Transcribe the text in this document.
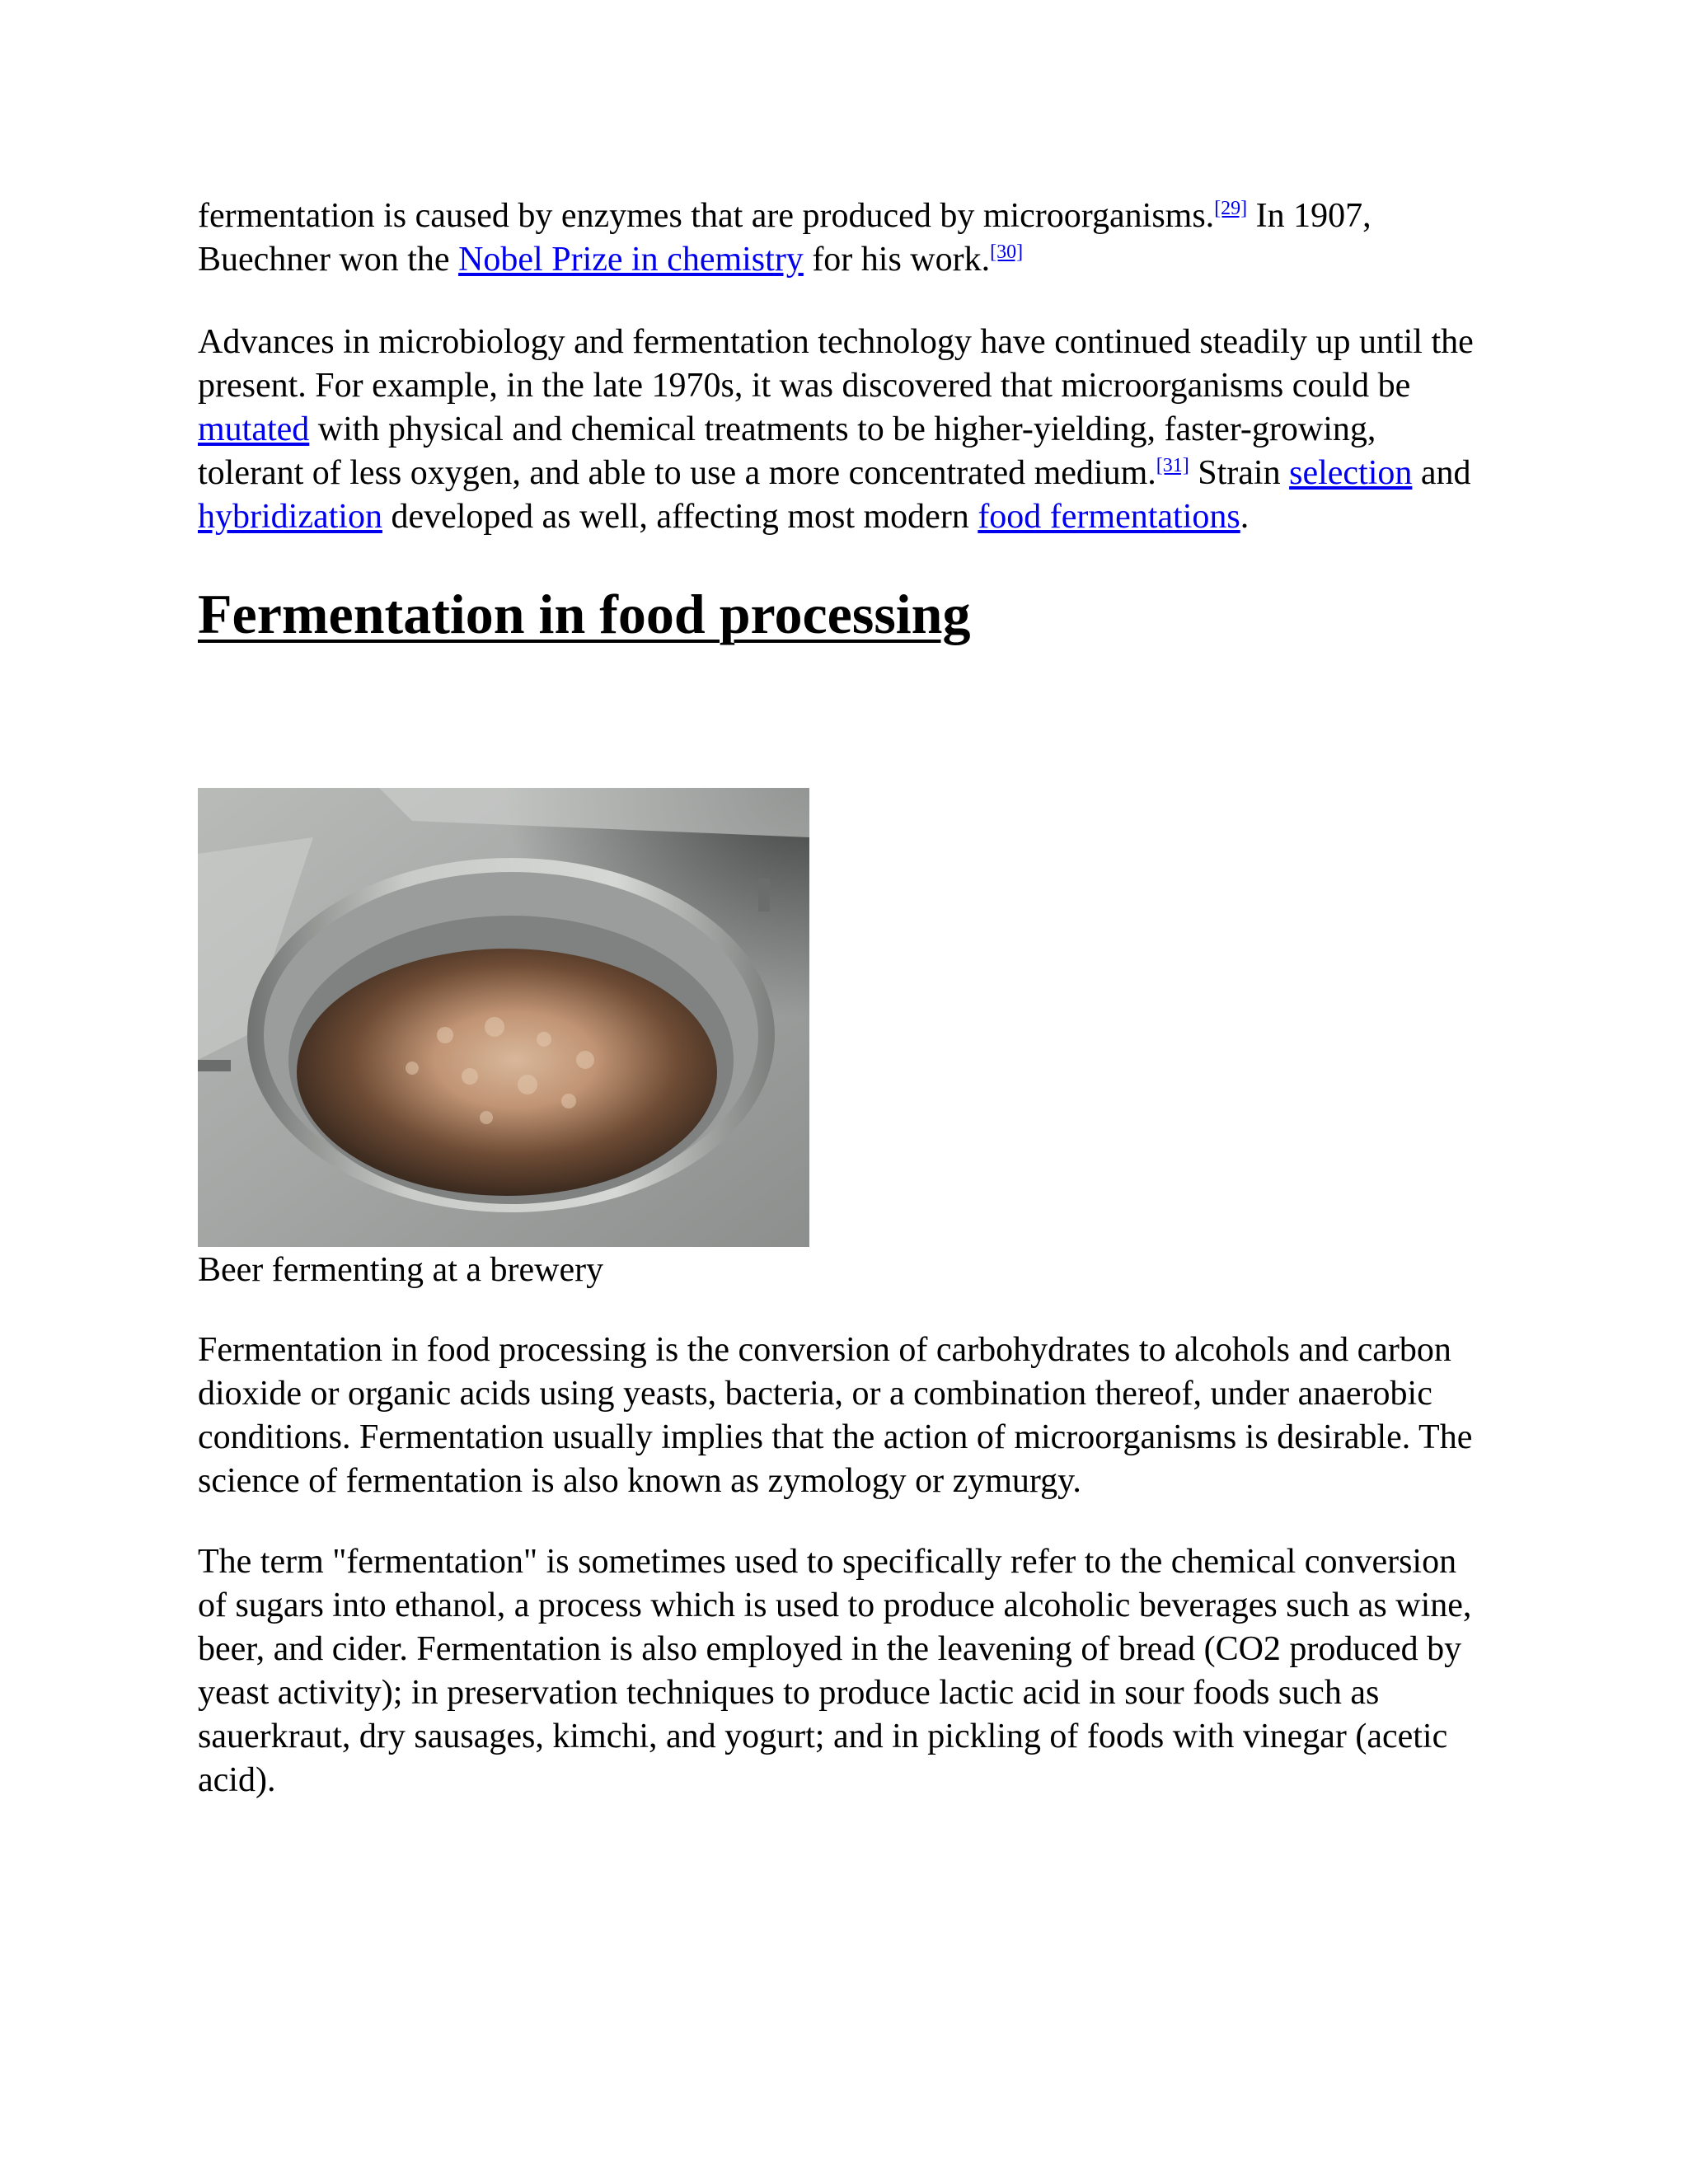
fermentation is caused by enzymes that are produced by microorganisms.[29] In 1907, Buechner won the Nobel Prize in chemistry for his work.[30]

Advances in microbiology and fermentation technology have continued steadily up until the present. For example, in the late 1970s, it was discovered that microorganisms could be mutated with physical and chemical treatments to be higher-yielding, faster-growing, tolerant of less oxygen, and able to use a more concentrated medium.[31] Strain selection and hybridization developed as well, affecting most modern food fermentations.

Fermentation in food processing

Beer fermenting at a brewery

Fermentation in food processing is the conversion of carbohydrates to alcohols and carbon dioxide or organic acids using yeasts, bacteria, or a combination thereof, under anaerobic conditions. Fermentation usually implies that the action of microorganisms is desirable. The science of fermentation is also known as zymology or zymurgy.

The term "fermentation" is sometimes used to specifically refer to the chemical conversion of sugars into ethanol, a process which is used to produce alcoholic beverages such as wine, beer, and cider. Fermentation is also employed in the leavening of bread (CO2 produced by yeast activity); in preservation techniques to produce lactic acid in sour foods such as sauerkraut, dry sausages, kimchi, and yogurt; and in pickling of foods with vinegar (acetic acid).
